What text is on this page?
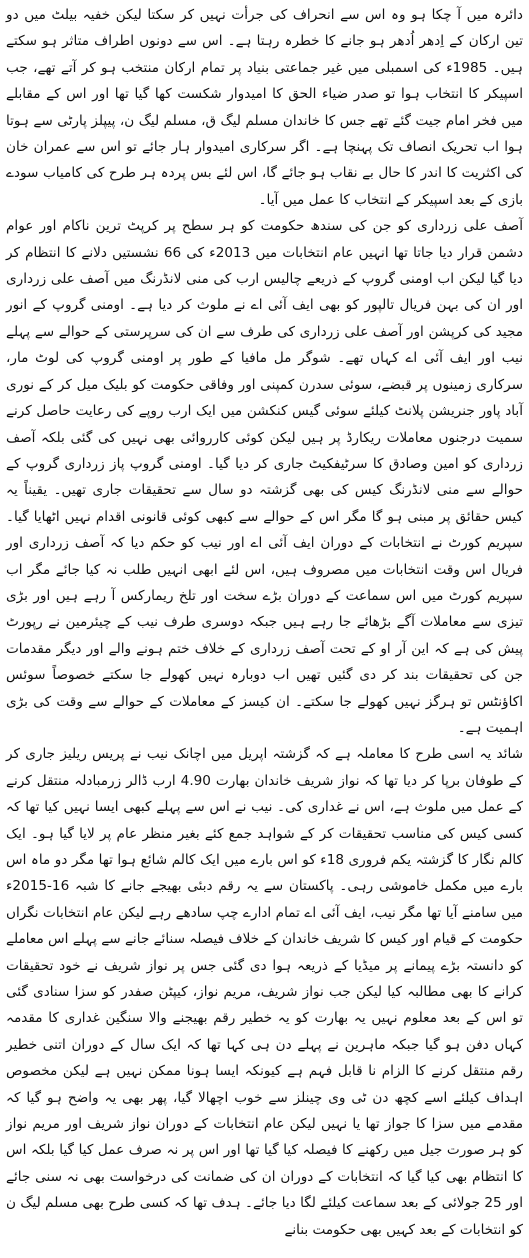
دائرہ میں آ چکا ہو وہ اس سے انحراف کی جرأت نہیں کر سکتا لیکن خفیہ بیلٹ میں دو تین ارکان کے اِدھر اُدھر ہو جانے کا خطرہ رہتا ہے۔ اس سے دونوں اطراف متاثر ہو سکتے ہیں۔ 1985ء کی اسمبلی میں غیر جماعتی بنیاد پر تمام ارکان منتخب ہو کر آتے تھے، جب اسپیکر کا انتخاب ہوا تو صدر ضیاء الحق کا امیدوار شکست کھا گیا تھا اور اس کے مقابلے میں فخر امام جیت گئے تھے جس کا خاندان مسلم لیگ ق، مسلم لیگ ن، پیپلز پارٹی سے ہوتا ہوا اب تحریک انصاف تک پہنچا ہے۔ اگر سرکاری امیدوار ہار جائے تو اس سے عمران خان کی اکثریت کا اندر کا حال بے نقاب ہو جائے گا، اس لئے بس پردہ ہر طرح کی کامیاب سودے بازی کے بعد اسپیکر کے انتخاب کا عمل میں آیا۔

آصف علی زرداری کو جن کی سندھ حکومت کو ہر سطح پر کرپٹ ترین ناکام اور عوام دشمن قرار دیا جاتا تھا انہیں عام انتخابات میں 2013ء کی 66 نشستیں دلانے کا انتظام کر دیا گیا لیکن اب اومنی گروپ کے ذریعے چالیس ارب کی منی لانڈرنگ میں آصف علی زرداری اور ان کی بہن فریال تالپور کو بھی ایف آئی اے نے ملوث کر دیا ہے۔ اومنی گروپ کے انور مجید کی کرپشن اور آصف علی زرداری کی طرف سے ان کی سرپرستی کے حوالے سے پہلے نیب اور ایف آئی اے کہاں تھے۔ شوگر مل مافیا کے طور پر اومنی گروپ کی لوٹ مار، سرکاری زمینوں پر قبضے، سوئی سدرن کمپنی اور وفاقی حکومت کو بلیک میل کر کے نوری آباد پاور جنریشن پلانٹ کیلئے سوئی گیس کنکشن میں ایک ارب روپے کی رعایت حاصل کرنے سمیت درجنوں معاملات ریکارڈ پر ہیں لیکن کوئی کارروائی بھی نہیں کی گئی بلکہ آصف زرداری کو امین وصادق کا سرٹیفکیٹ جاری کر دیا گیا۔ اومنی گروپ پاز زرداری گروپ کے حوالے سے منی لانڈرنگ کیس کی بھی گزشتہ دو سال سے تحقیقات جاری تھیں۔ یقیناً یہ کیس حقائق پر مبنی ہو گا مگر اس کے حوالے سے کبھی کوئی قانونی اقدام نہیں اٹھایا گیا۔ سپریم کورٹ نے انتخابات کے دوران ایف آئی اے اور نیب کو حکم دیا کہ آصف زرداری اور فریال اس وقت انتخابات میں مصروف ہیں، اس لئے ابھی انہیں طلب نہ کیا جائے مگر اب سپریم کورٹ میں اس سماعت کے دوران بڑے سخت اور تلخ ریمارکس آ رہے ہیں اور بڑی تیزی سے معاملات آگے بڑھائے جا رہے ہیں جبکہ دوسری طرف نیب کے چیئرمین نے رپورٹ پیش کی ہے کہ این آر او کے تحت آصف زرداری کے خلاف ختم ہونے والے اور دیگر مقدمات جن کی تحقیقات بند کر دی گئیں تھیں اب دوبارہ نہیں کھولے جا سکتے خصوصاً سوئس اکاؤنٹس تو ہرگز نہیں کھولے جا سکتے۔ ان کیسز کے معاملات کے حوالے سے وقت کی بڑی اہمیت ہے۔

شائد یہ اسی طرح کا معاملہ ہے کہ گزشتہ اپریل میں اچانک نیب نے پریس ریلیز جاری کر کے طوفان برپا کر دیا تھا کہ نواز شریف خاندان بھارت 4.90 ارب ڈالر زرمبادلہ منتقل کرنے کے عمل میں ملوث ہے، اس نے غداری کی۔ نیب نے اس سے پہلے کبھی ایسا نہیں کیا تھا کہ کسی کیس کی مناسب تحقیقات کر کے شواہد جمع کئے بغیر منظر عام پر لایا گیا ہو۔ ایک کالم نگار کا گزشتہ یکم فروری 18ء کو اس بارے میں ایک کالم شائع ہوا تھا مگر دو ماہ اس بارے میں مکمل خاموشی رہی۔ پاکستان سے یہ رقم دبئی بھیجے جانے کا شبہ 16-2015ء میں سامنے آیا تھا مگر نیب، ایف آئی اے تمام ادارے چپ سادھے رہے لیکن عام انتخابات نگراں حکومت کے قیام اور کیس کا شریف خاندان کے خلاف فیصلہ سنائے جانے سے پہلے اس معاملے کو دانستہ بڑے پیمانے پر میڈیا کے ذریعہ ہوا دی گئی جس پر نواز شریف نے خود تحقیقات کرانے کا بھی مطالبہ کیا لیکن جب نواز شریف، مریم نواز، کیپٹن صفدر کو سزا سنادی گئی تو اس کے بعد معلوم نہیں یہ بھارت کو یہ خطیر رقم بھیجنے والا سنگین غداری کا مقدمہ کہاں دفن ہو گیا جبکہ ماہرین نے پہلے دن ہی کہا تھا کہ ایک سال کے دوران اتنی خطیر رقم منتقل کرنے کا الزام نا قابل فہم ہے کیونکہ ایسا ہونا ممکن نہیں ہے لیکن مخصوص اہداف کیلئے اسے کچھ دن ٹی وی چینلز سے خوب اچھالا گیا، پھر بھی یہ واضح ہو گیا کہ مقدمے میں سزا کا جواز تھا یا نہیں لیکن عام انتخابات کے دوران نواز شریف اور مریم نواز کو ہر صورت جیل میں رکھنے کا فیصلہ کیا گیا تھا اور اس پر نہ صرف عمل کیا گیا بلکہ اس کا انتظام بھی کیا گیا کہ انتخابات کے دوران ان کی ضمانت کی درخواست بھی نہ سنی جائے اور 25 جولائی کے بعد سماعت کیلئے لگا دیا جائے۔ ہدف تھا کہ کسی طرح بھی مسلم لیگ ن کو انتخابات کے بعد کہیں بھی حکومت بنانے
